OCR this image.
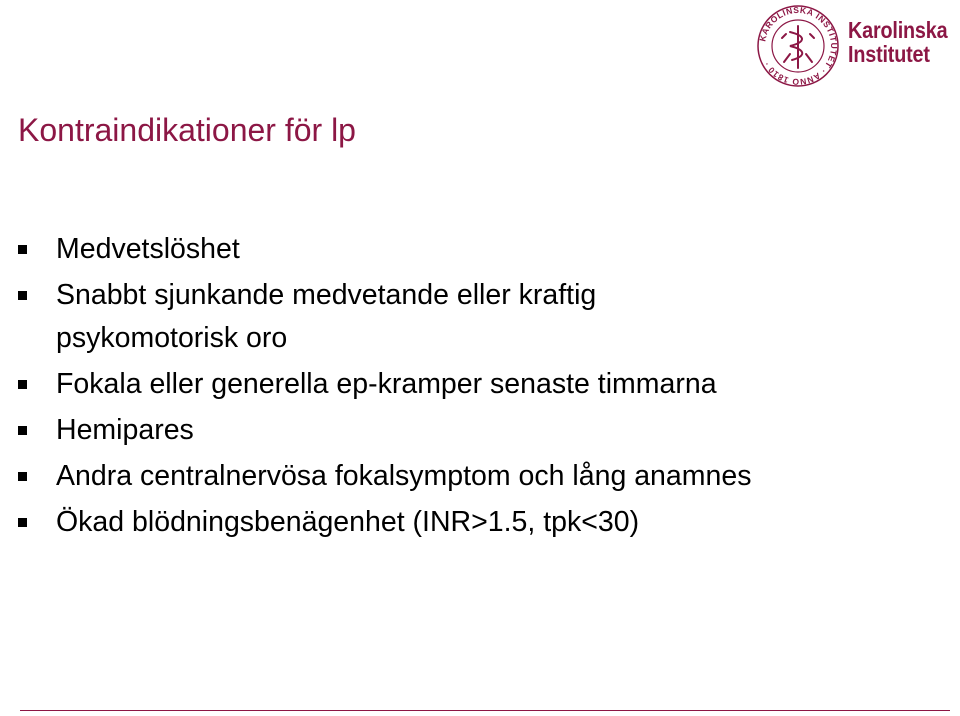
KAROLINSKA INSTITUTET · ANNO 1810 ·
Karolinska
Institutet
Kontraindikationer för lp
Medvetslöshet
Snabbt sjunkande medvetande eller kraftig psykomotorisk oro
Fokala eller generella ep-kramper senaste timmarna
Hemipares
Andra centralnervösa fokalsymptom och lång anamnes
Ökad blödningsbenägenhet (INR>1.5, tpk<30)
